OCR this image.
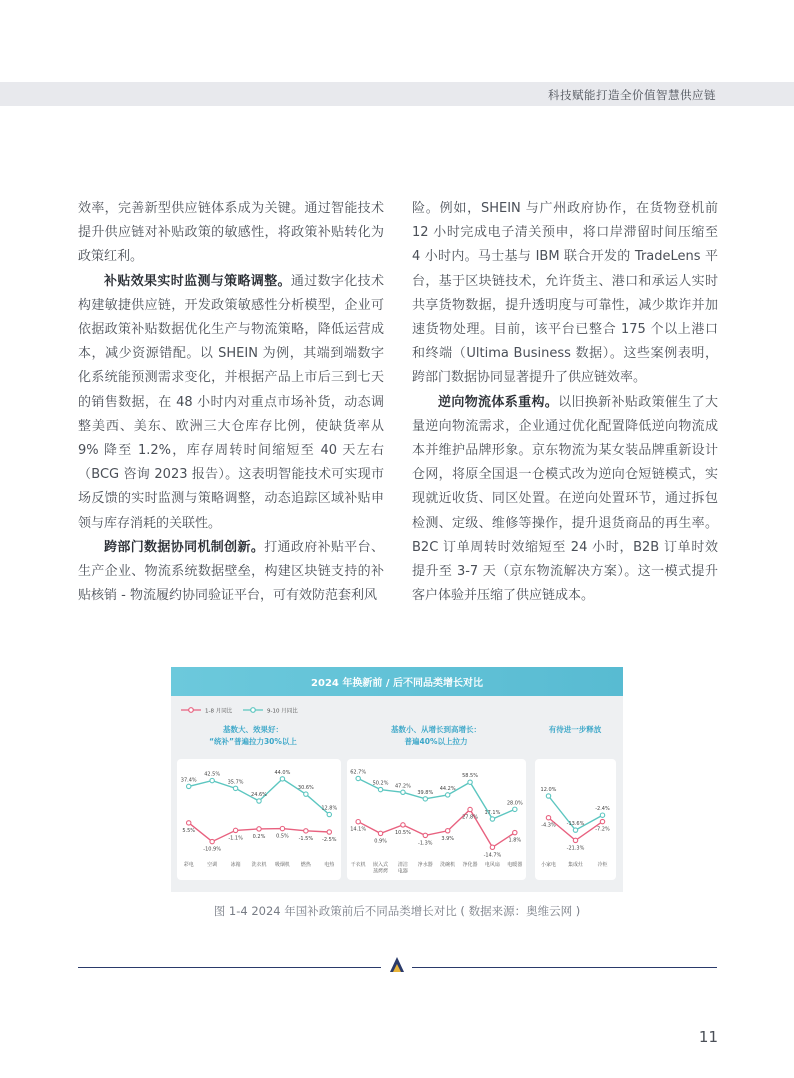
科技赋能打造全价值智慧供应链

效率，完善新型供应链体系成为关键。通过智能技术提升供应链对补贴政策的敏感性，将政策补贴转化为政策红利。

补贴效果实时监测与策略调整。通过数字化技术构建敏捷供应链，开发政策敏感性分析模型，企业可依据政策补贴数据优化生产与物流策略，降低运营成本，减少资源错配。以 SHEIN 为例，其端到端数字化系统能预测需求变化，并根据产品上市后三到七天的销售数据，在 48 小时内对重点市场补货，动态调整美西、美东、欧洲三大仓库存比例，使缺货率从 9% 降至 1.2%，库存周转时间缩短至 40 天左右（BCG 咨询 2023 报告）。这表明智能技术可实现市场反馈的实时监测与策略调整，动态追踪区域补贴申领与库存消耗的关联性。

跨部门数据协同机制创新。打通政府补贴平台、生产企业、物流系统数据壁垒，构建区块链支持的补贴核销 - 物流履约协同验证平台，可有效防范套利风

险。例如，SHEIN 与广州政府协作，在货物登机前 12 小时完成电子清关预申，将口岸滞留时间压缩至 4 小时内。马士基与 IBM 联合开发的 TradeLens 平台，基于区块链技术，允许货主、港口和承运人实时共享货物数据，提升透明度与可靠性，减少欺诈并加速货物处理。目前，该平台已整合 175 个以上港口和终端（Ultima Business 数据）。这些案例表明，跨部门数据协同显著提升了供应链效率。

逆向物流体系重构。以旧换新补贴政策催生了大量逆向物流需求，企业通过优化配置降低逆向物流成本并维护品牌形象。京东物流为某女装品牌重新设计仓网，将原全国退一仓模式改为逆向仓短链模式，实现就近收货、同区处置。在逆向处置环节，通过拆包检测、定级、维修等操作，提升退货商品的再生率。B2C 订单周转时效缩短至 24 小时，B2B 订单时效提升至 3-7 天（京东物流解决方案）。这一模式提升客户体验并压缩了供应链成本。

2024 年换新前 / 后不同品类增长对比
1-8 月同比	9-10 月同比
基数大、效果好：
“统补”普遍拉力30%以上
37.4%
42.5%
35.7%
24.6%
44.0%
30.6%
12.8%
5.5%
-10.9%
-1.1% 0.2% 0.5% -1.5% -2.5%
彩电	空调	冰箱 洗衣机 吸烟机 燃热	电热
基数小、从增长到高增长：
普遍40%以上拉力
62.7%
50.2% 47.2%
39.8%
44.2%
58.5%
17.1%
28.0%
14.1%
0.9%
10.5%
-1.3%
3.9%
27.8%
-14.7%
1.8%
干衣机 嵌入式
蒸烤烤
清洁
电器
净水器 洗碗机 净化器 电风扇 电暖器
有待进一步释放
12.0%
-13.6%
-2.4%
-4.3%
-21.3%
-7.2%
小家电 集成灶	冷柜
图 1-4 2024 年国补政策前后不同品类增长对比 ( 数据来源：奥维云网 )
11
